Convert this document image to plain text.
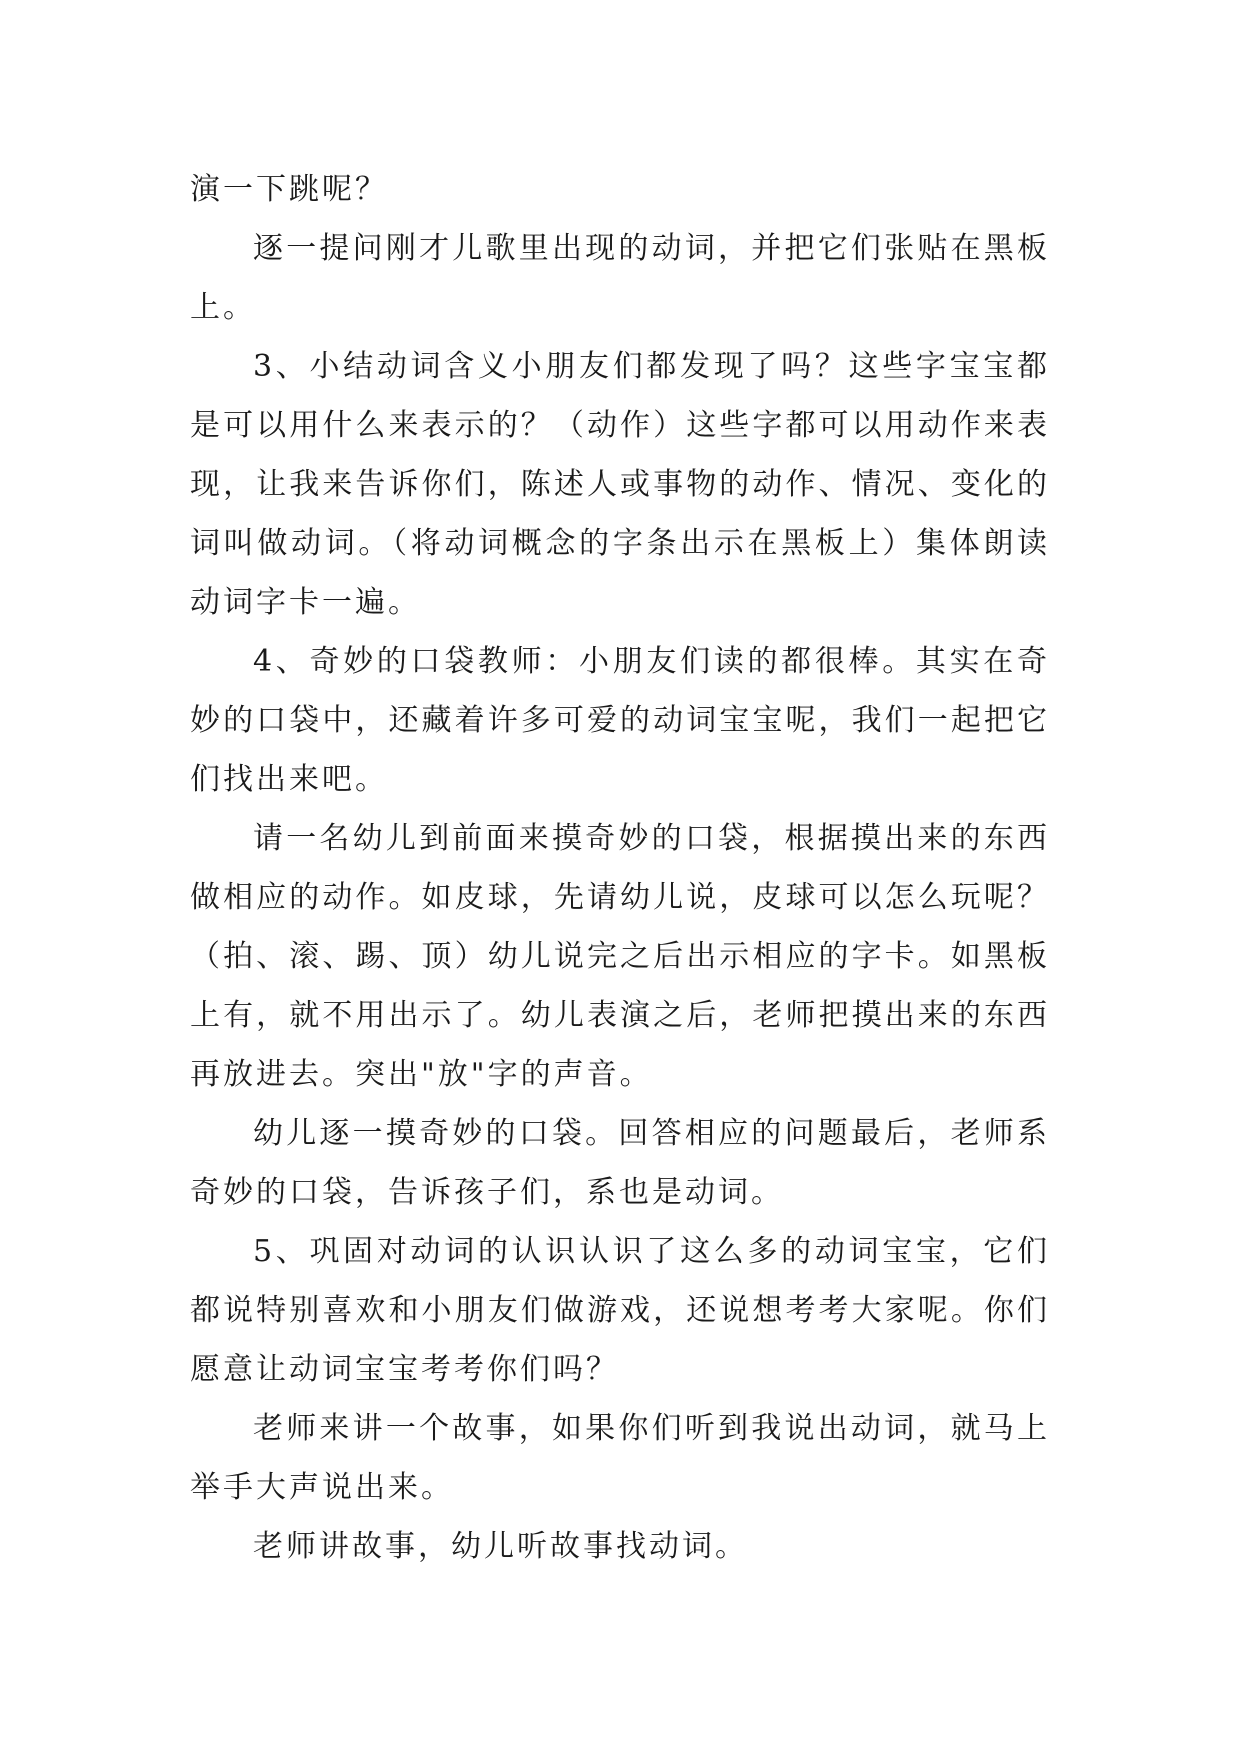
演一下跳呢？

逐一提问刚才儿歌里出现的动词，并把它们张贴在黑板上。

3、小结动词含义小朋友们都发现了吗？这些字宝宝都是可以用什么来表示的？（动作）这些字都可以用动作来表现，让我来告诉你们，陈述人或事物的动作、情况、变化的词叫做动词。（将动词概念的字条出示在黑板上）集体朗读动词字卡一遍。

4、奇妙的口袋教师：小朋友们读的都很棒。其实在奇妙的口袋中，还藏着许多可爱的动词宝宝呢，我们一起把它们找出来吧。

请一名幼儿到前面来摸奇妙的口袋，根据摸出来的东西做相应的动作。如皮球，先请幼儿说，皮球可以怎么玩呢？（拍、滚、踢、顶）幼儿说完之后出示相应的字卡。如黑板上有，就不用出示了。幼儿表演之后，老师把摸出来的东西再放进去。突出"放"字的声音。

幼儿逐一摸奇妙的口袋。回答相应的问题最后，老师系奇妙的口袋，告诉孩子们，系也是动词。

5、巩固对动词的认识认识了这么多的动词宝宝，它们都说特别喜欢和小朋友们做游戏，还说想考考大家呢。你们愿意让动词宝宝考考你们吗？

老师来讲一个故事，如果你们听到我说出动词，就马上举手大声说出来。

老师讲故事，幼儿听故事找动词。
